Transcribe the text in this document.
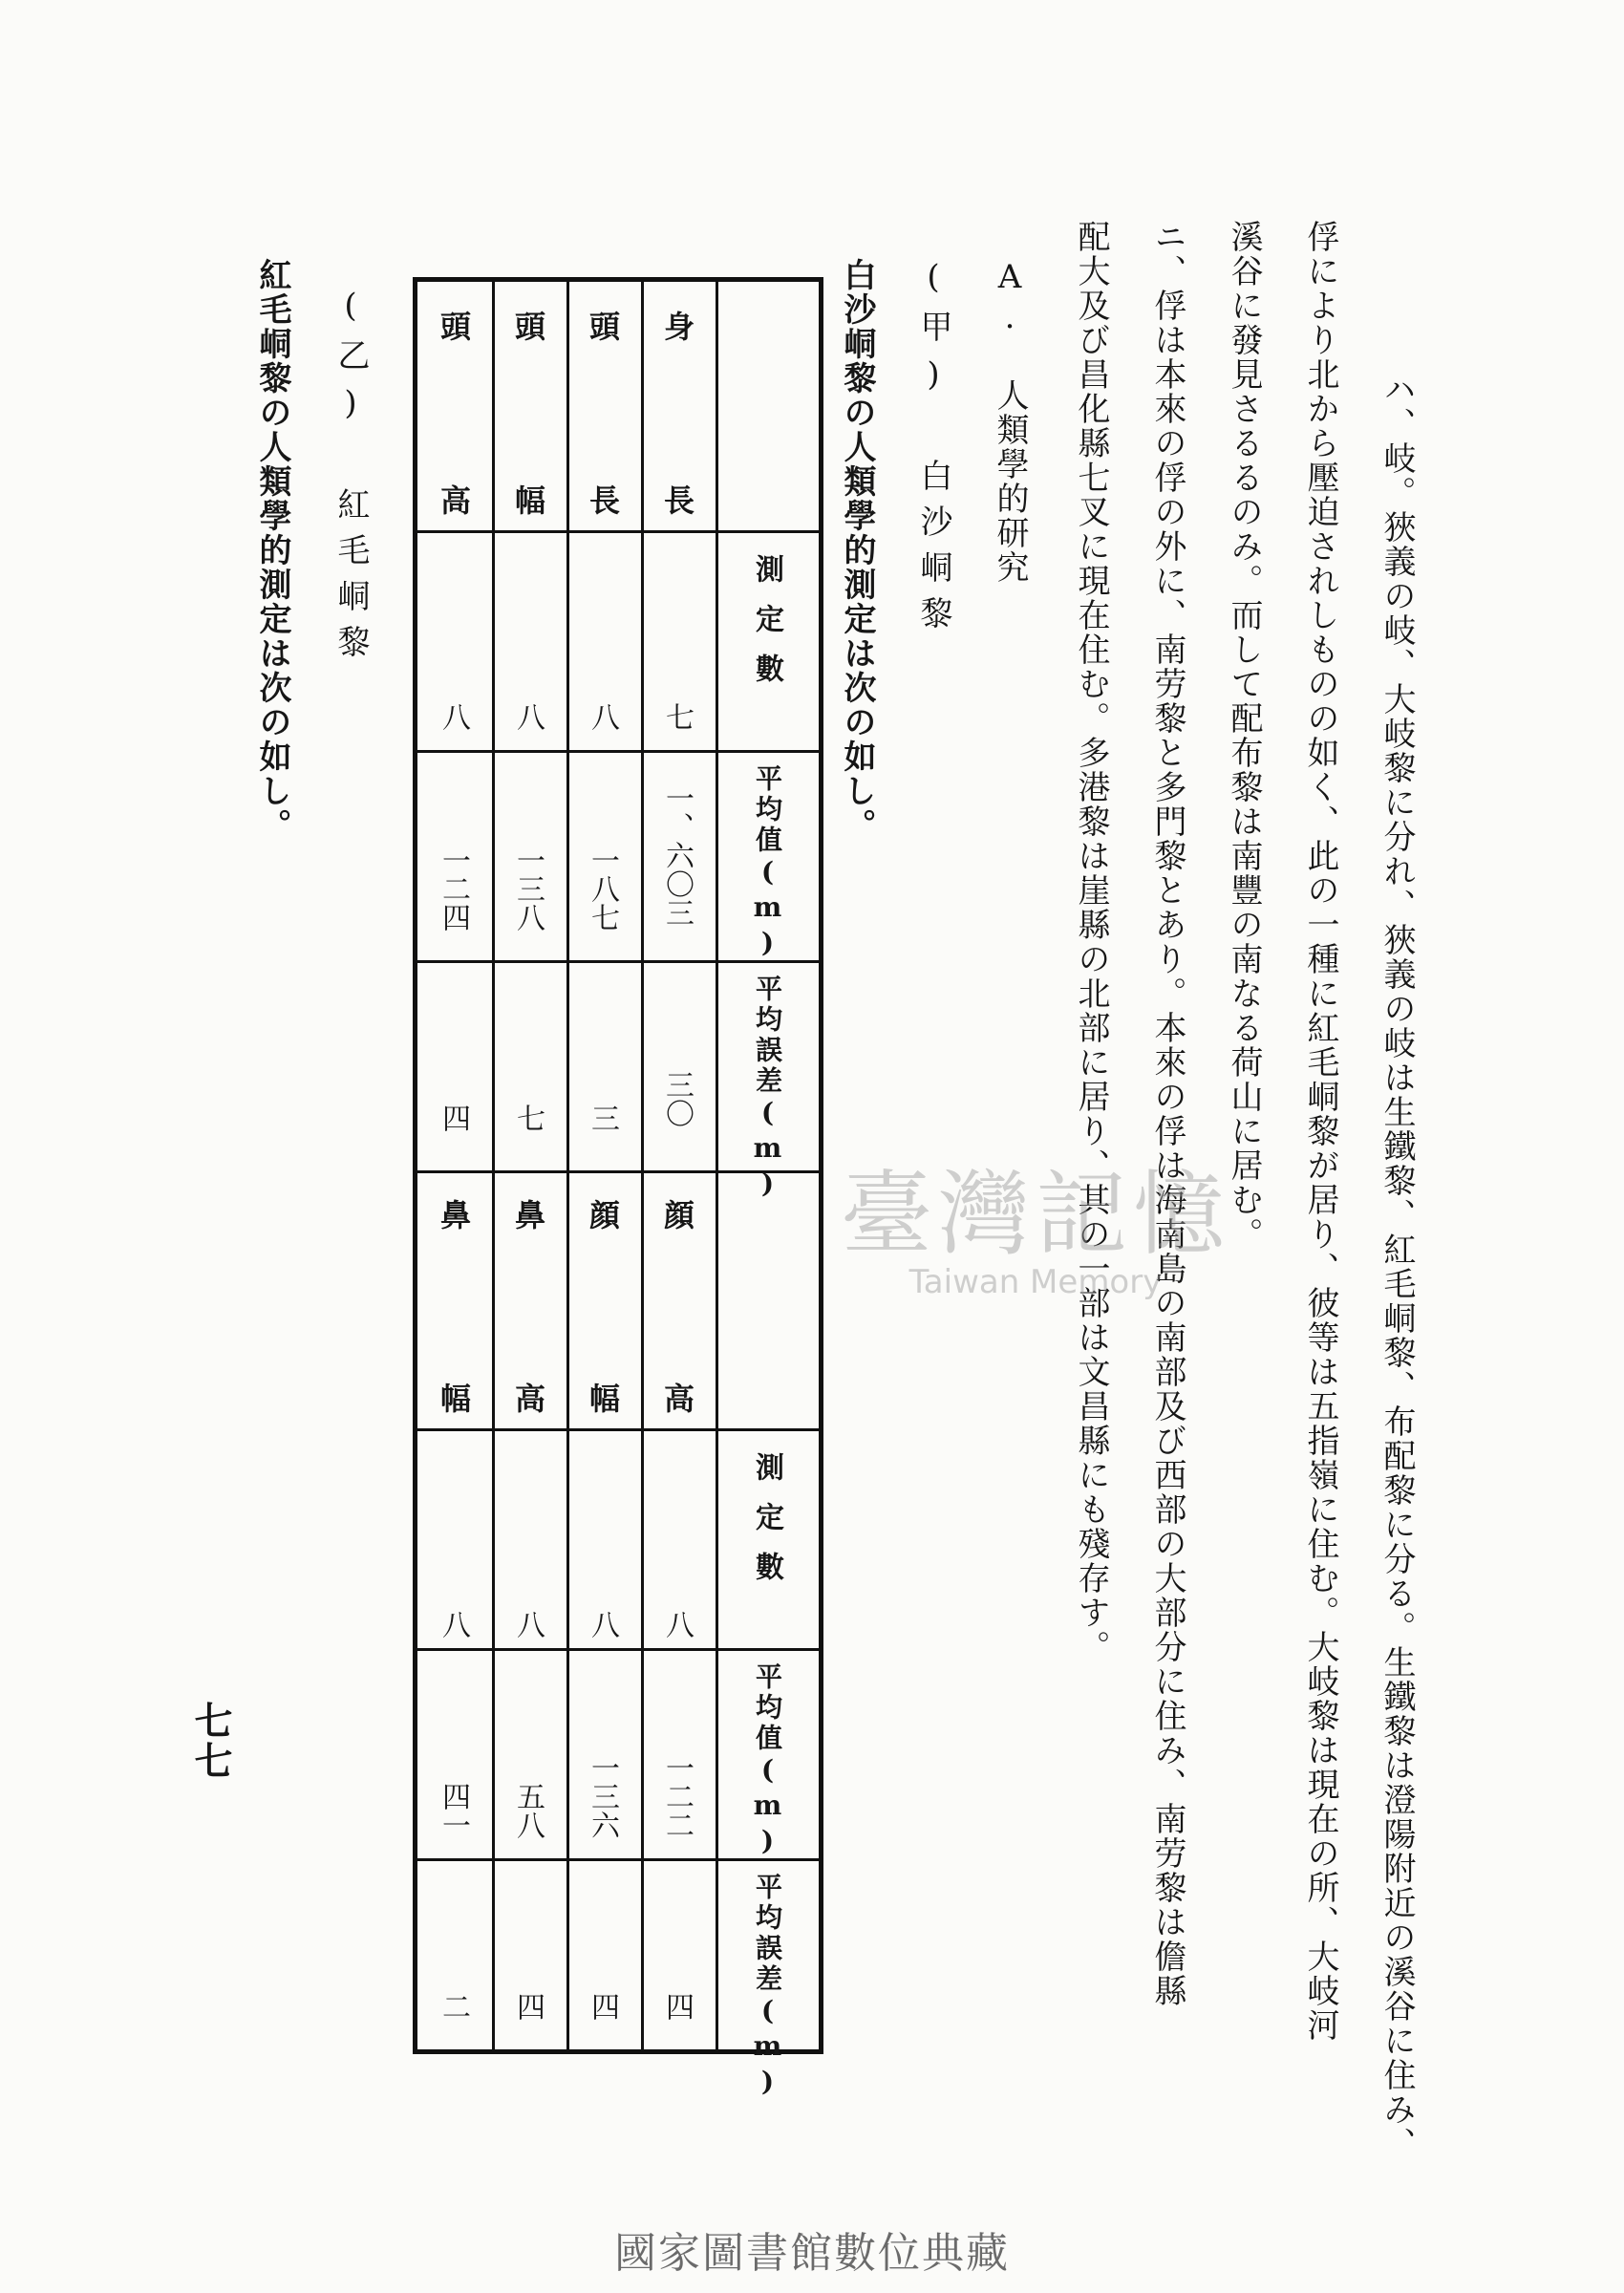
ハ、岐。狹義の岐、大岐黎に分れ、狹義の岐は生鐵黎、紅毛峒黎、布配黎に分る。生鐵黎は澄陽附近の溪谷に住み、
俘により北から壓迫されしものの如く、此の一種に紅毛峒黎が居り、彼等は五指嶺に住む。大岐黎は現在の所、大岐河
溪谷に發見さるるのみ。而して配布黎は南豐の南なる荷山に居む。
ニ、俘は本來の俘の外に、南劳黎と多門黎とあり。本來の俘は海南島の南部及び西部の大部分に住み、南劳黎は儋縣
配大及び昌化縣七叉に現在住む。多港黎は崖縣の北部に居り、其の一部は文昌縣にも殘存す。
A. 人類學的研究
(甲) 白沙峒黎
白沙峒黎の人類學的測定は次の如し。
測定數
平均值(m)
平均誤差(m)
測定數
平均值(m)
平均誤差(m)
身長
七
一、六〇三
三〇
顔高
八
一二二
四
頭長
八
一八七
三
顔幅
八
一三六
四
頭幅
八
一三八
七
鼻高
八
五八
四
頭高
八
一二四
四
鼻幅
八
四一
二
(乙) 紅毛峒黎
紅毛峒黎の人類學的測定は次の如し。
七七
臺灣記憶
Taiwan Memory
國家圖書館數位典藏
